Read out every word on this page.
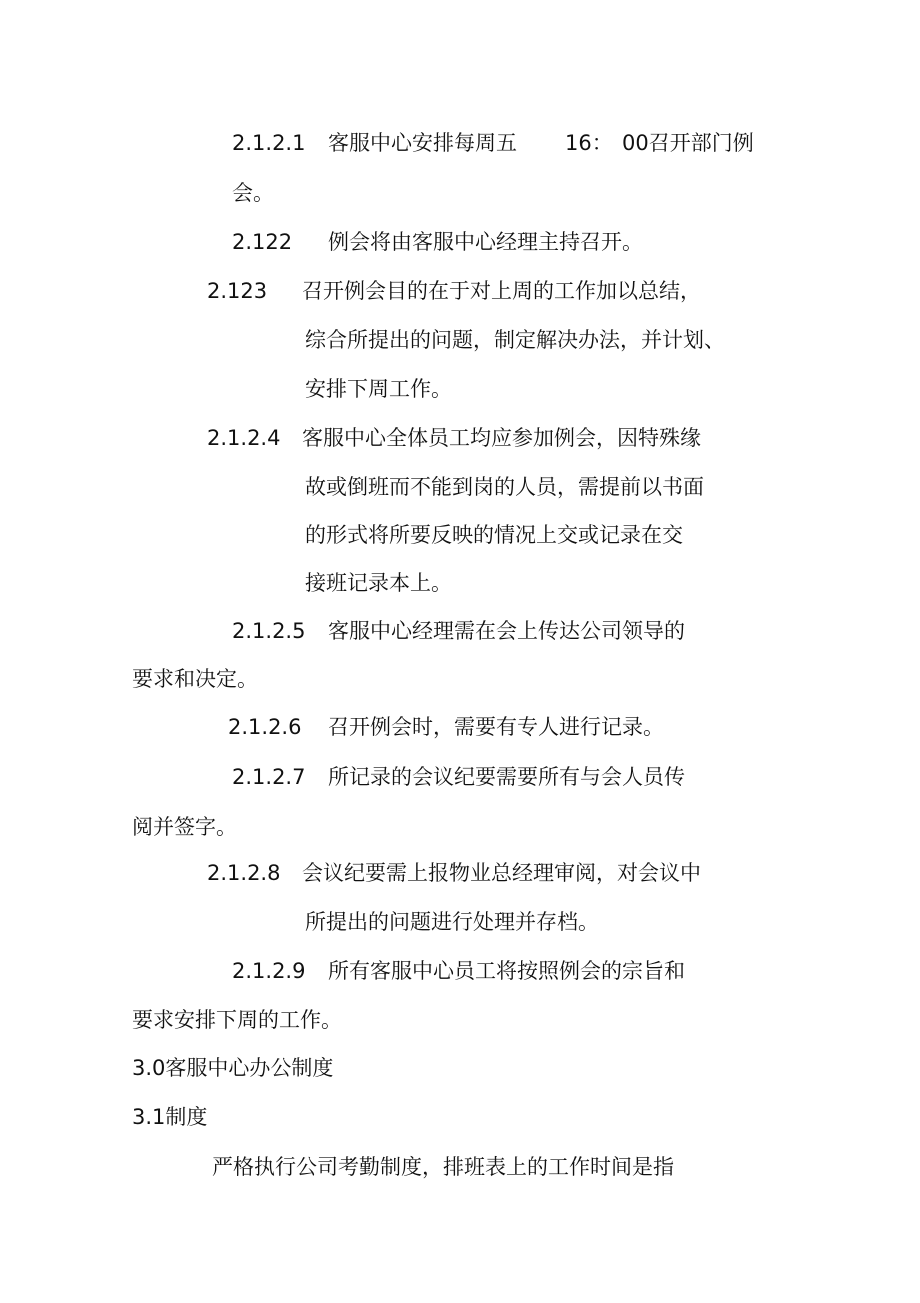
2.1.2.1 客服中心安排每周五 16： 00召开部门例
会。
2.122 例会将由客服中心经理主持召开。
2.123 召开例会目的在于对上周的工作加以总结，
综合所提出的问题，制定解决办法，并计划、
安排下周工作。
2.1.2.4 客服中心全体员工均应参加例会，因特殊缘
故或倒班而不能到岗的人员，需提前以书面
的形式将所要反映的情况上交或记录在交
接班记录本上。
2.1.2.5 客服中心经理需在会上传达公司领导的
要求和决定。
2.1.2.6 召开例会时，需要有专人进行记录。
2.1.2.7 所记录的会议纪要需要所有与会人员传
阅并签字。
2.1.2.8 会议纪要需上报物业总经理审阅，对会议中
所提出的问题进行处理并存档。
2.1.2.9 所有客服中心员工将按照例会的宗旨和
要求安排下周的工作。
3.0客服中心办公制度
3.1制度
严格执行公司考勤制度，排班表上的工作时间是指
